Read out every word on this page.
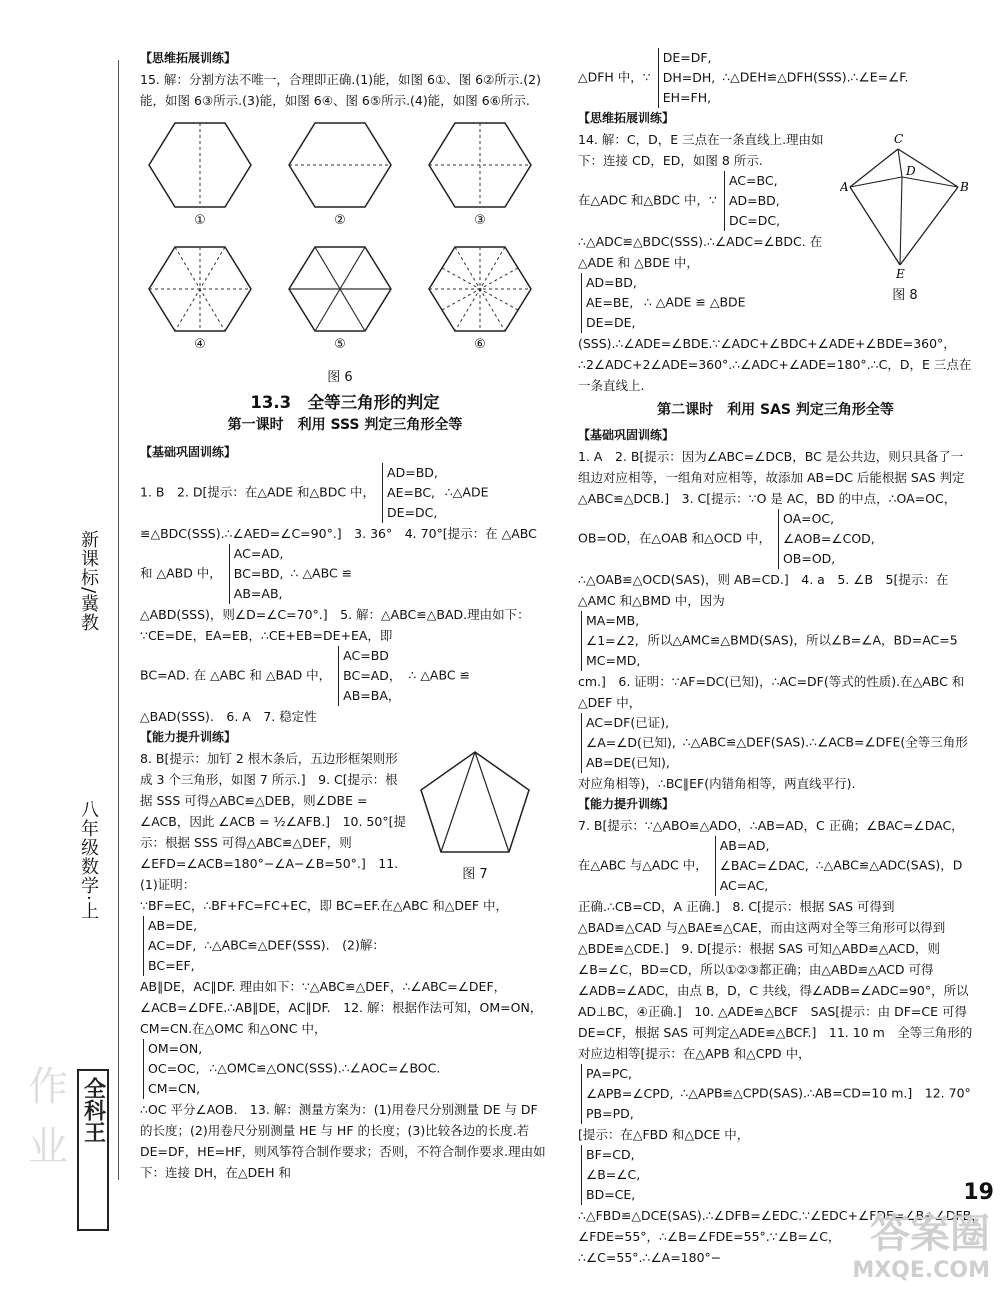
新课标/冀教
八年级数学·上

【思维拓展训练】

15. 解：分割方法不唯一，合理即正确.(1)能，如图 6①、图 6②所示.(2)能，如图 6③所示.(3)能，如图 6④、图 6⑤所示.(4)能，如图 6⑥所示.

①	②	③
④	⑤	⑥
图 6
13.3　全等三角形的判定
第一课时　利用 SSS 判定三角形全等

【基础巩固训练】

1. B　2. D[提示：在△ADE 和△BDC 中，
AD=BD,
AE=BC,
DE=DC,
∴△ADE

≌△BDC(SSS).∴∠AED=∠C=90°.]　3. 36°　4. 70°[提示：在 △ABC 和 △ABD 中，
AC=AD,
BC=BD,
AB=AB,
∴ △ABC ≌

△ABD(SSS)，则∠D=∠C=70°.]　5. 解：△ABC≌△BAD.理由如下：∵CE=DE，EA=EB，∴CE+EB=DE+EA，即

BC=AD. 在 △ABC 和 △BAD 中，
AC=BD
BC=AD，
AB=BA，
∴ △ABC ≌

△BAD(SSS).　6. A　7. 稳定性

【能力提升训练】

8. B[提示：加钉 2 根木条后，五边形框架则形成 3 个三角形，如图 7 所示.]　9. C[提示：根据 SSS 可得△ABC≌△DEB，则∠DBE = ∠ACB，因此 ∠ACB = ½∠AFB.]　10. 50°[提示：根据 SSS 可得△ABC≌△DEF，则∠EFD=∠ACB=180°−∠A−∠B=50°.]　11. (1)证明：

图 7

∵BF=EC，∴BF+FC=FC+EC，即 BC=EF.在△ABC 和△DEF 中，
AB=DE,
AC=DF,
BC=EF,
∴△ABC≌△DEF(SSS).　(2)解：

AB∥DE，AC∥DF. 理由如下：∵△ABC≌△DEF，∴∠ABC=∠DEF，∠ACB=∠DFE.∴AB∥DE，AC∥DF.　12. 解：根据作法可知，OM=ON，CM=CN.在△OMC 和△ONC 中，

OM=ON,
OC=OC,
CM=CN,
∴△OMC≌△ONC(SSS).∴∠AOC=∠BOC.

∴OC 平分∠AOB.　13. 解：测量方案为：(1)用卷尺分别测量 DE 与 DF 的长度；(2)用卷尺分别测量 HE 与 HF 的长度；(3)比较各边的长度.若 DE=DF，HE=HF，则风筝符合制作要求；否则，不符合制作要求.理由如下：连接 DH，在△DEH 和

△DFH 中，∵
DE=DF,
DH=DH,
EH=FH,
∴△DEH≌△DFH(SSS).∴∠E=∠F.

【思维拓展训练】

14. 解：C，D，E 三点在一条直线上.理由如下：连接 CD，ED，如图 8 所示.

在△ADC 和△BDC 中，∵
AC=BC,
AD=BD,
DC=DC,

∴△ADC≌△BDC(SSS).∴∠ADC=∠BDC. 在 △ADE 和 △BDE 中，

AD=BD,
AE=BE,
DE=DE,
∴ △ADE ≌ △BDE

C
D
A	B
E
图 8

(SSS).∴∠ADE=∠BDE.∵∠ADC+∠BDC+∠ADE+∠BDE=360°，∴2∠ADC+2∠ADE=360°.∴∠ADC+∠ADE=180°.∴C，D，E 三点在一条直线上.

第二课时　利用 SAS 判定三角形全等

【基础巩固训练】

1. A　2. B[提示：因为∠ABC=∠DCB，BC 是公共边，则只具备了一组边对应相等，一组角对应相等，故添加 AB=DC 后能根据 SAS 判定△ABC≌△DCB.]　3. C[提示：∵O 是 AC，BD 的中点，∴OA=OC，OB=OD，在△OAB 和△OCD 中，
OA=OC,
∠AOB=∠COD,
OB=OD,
∴△OAB≌△OCD(SAS)，则 AB=CD.]　4. a　5. ∠B　5[提示：在△AMC 和△BMD 中，因为

MA=MB,
∠1=∠2,
MC=MD,
所以△AMC≌△BMD(SAS)，所以∠B=∠A，BD=AC=5 cm.]　6. 证明：∵AF=DC(已知)，∴AC=DF(等式的性质).在△ABC 和△DEF 中，

AC=DF(已证),
∠A=∠D(已知),
AB=DE(已知),
∴△ABC≌△DEF(SAS).∴∠ACB=∠DFE(全等三角形对应角相等)，∴BC∥EF(内错角相等，两直线平行).

【能力提升训练】

7. B[提示：∵△ABO≌△ADO，∴AB=AD，C 正确；∠BAC=∠DAC，在△ABC 与△ADC 中，
AB=AD,
∠BAC=∠DAC,
AC=AC,
∴△ABC≌△ADC(SAS)，D 正确.∴CB=CD，A 正确.]　8. C[提示：根据 SAS 可得到△BAD≌△CAD 与△BAE≌△CAE，而由这两对全等三角形可以得到△BDE≌△CDE.]　9. D[提示：根据 SAS 可知△ABD≌△ACD，则∠B=∠C，BD=CD，所以①②③都正确；由△ABD≌△ACD 可得∠ADB=∠ADC，由点 B，D，C 共线，得∠ADB=∠ADC=90°，所以 AD⊥BC，④正确.]　10. △ADE≌△BCF　SAS[提示：由 DF=CE 可得 DE=CF，根据 SAS 可判定△ADE≌△BCF.]　11. 10 m　全等三角形的对应边相等[提示：在△APB 和△CPD 中，

PA=PC,
∠APB=∠CPD,
PB=PD,
∴△APB≌△CPD(SAS).∴AB=CD=10 m.]　12. 70°[提示：在△FBD 和△DCE 中，

BF=CD,
∠B=∠C,
BD=CE,
∴△FBD≌△DCE(SAS).∴∠DFB=∠EDC.∵∠EDC+∠FDE=∠B+∠DFB，∠FDE=55°，∴∠B=∠FDE=55°.∵∠B=∠C，∴∠C=55°.∴∠A=180°−

全科王
作
业
19
答案圈
MXQE.COM
